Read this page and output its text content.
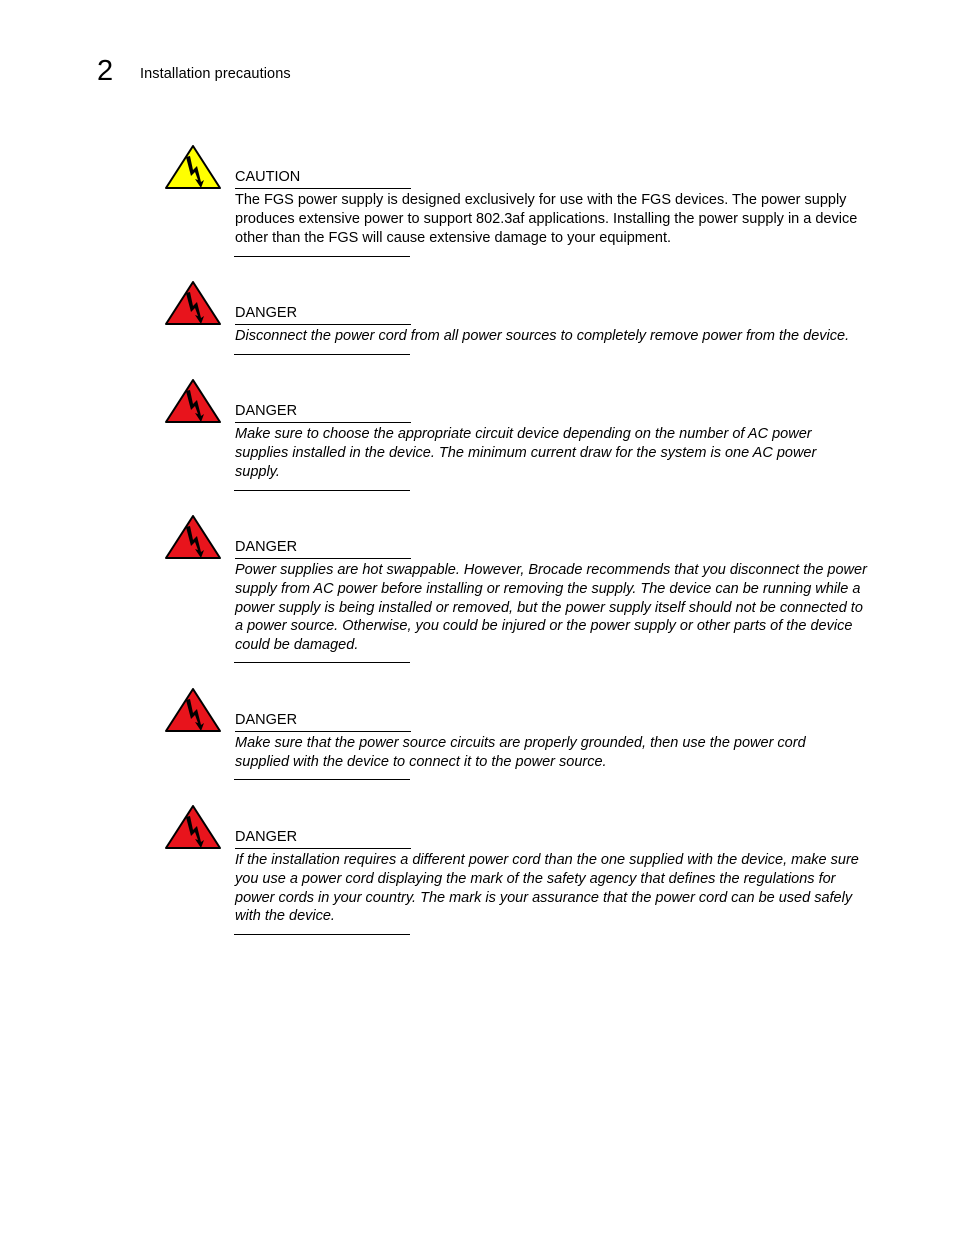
2 Installation precautions
CAUTION

The FGS power supply is designed exclusively for use with the FGS devices. The power supply produces extensive power to support 802.3af applications. Installing the power supply in a device other than the FGS will cause extensive damage to your equipment.

DANGER

Disconnect the power cord from all power sources to completely remove power from the device.

DANGER

Make sure to choose the appropriate circuit device depending on the number of AC power supplies installed in the device. The minimum current draw for the system is one AC power supply.

DANGER

Power supplies are hot swappable. However, Brocade recommends that you disconnect the power supply from AC power before installing or removing the supply. The device can be running while a power supply is being installed or removed, but the power supply itself should not be connected to a power source. Otherwise, you could be injured or the power supply or other parts of the device could be damaged.

DANGER

Make sure that the power source circuits are properly grounded, then use the power cord supplied with the device to connect it to the power source.

DANGER

If the installation requires a different power cord than the one supplied with the device, make sure you use a power cord displaying the mark of the safety agency that defines the regulations for power cords in your country. The mark is your assurance that the power cord can be used safely with the device.
